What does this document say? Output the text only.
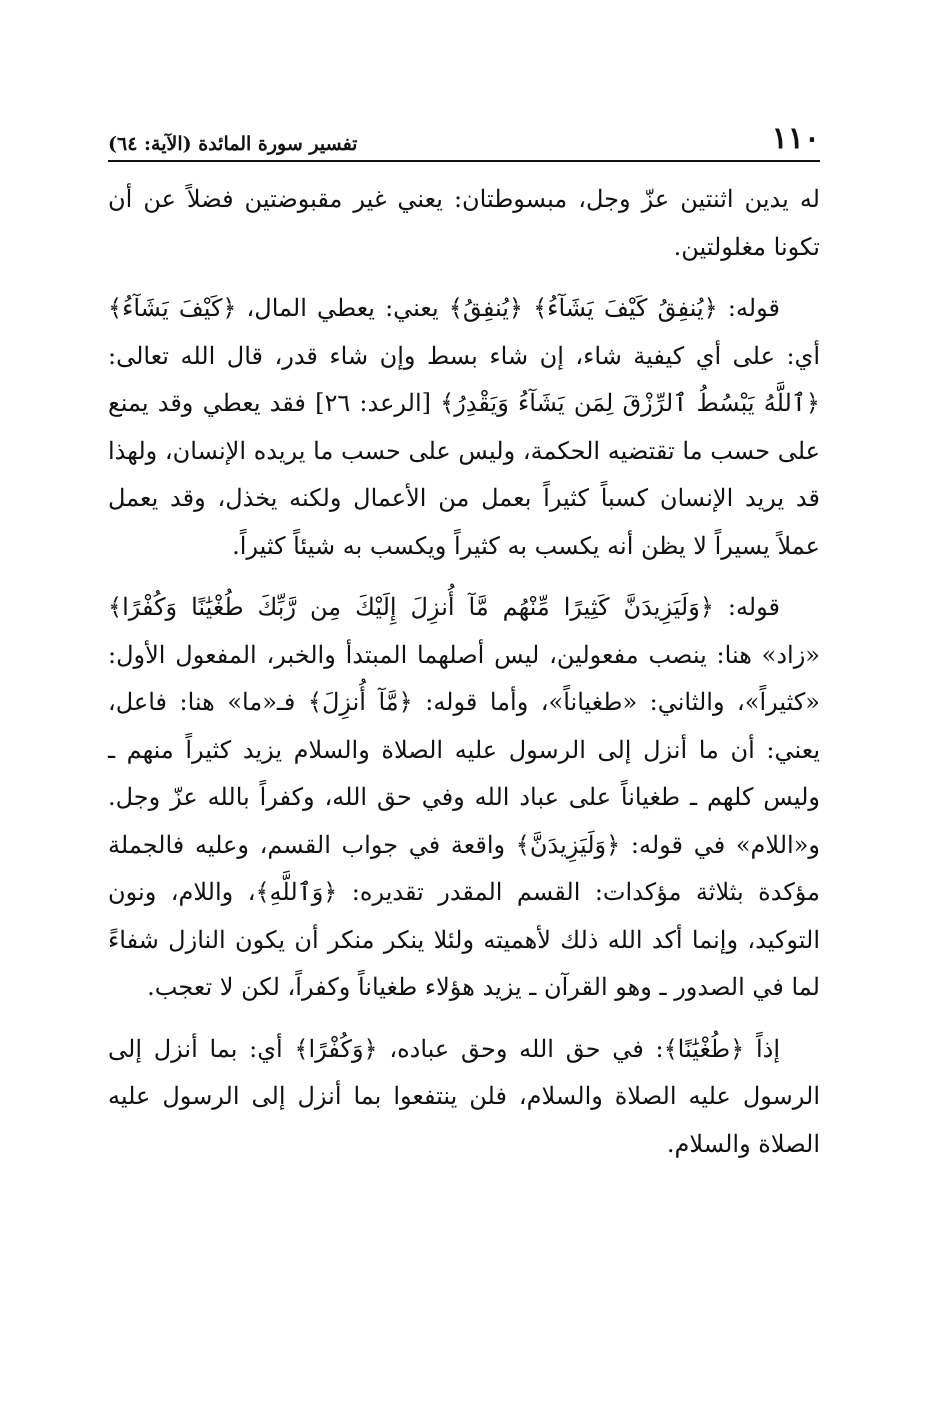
١١٠
تفسير سورة المائدة (الآية: ٦٤)

له يدين اثنتين عزّ وجل، مبسوطتان: يعني غير مقبوضتين فضلاً عن أن تكونا مغلولتين.

قوله: ﴿يُنفِقُ كَيْفَ يَشَآءُ﴾ ﴿يُنفِقُ﴾ يعني: يعطي المال، ﴿كَيْفَ يَشَآءُ﴾ أي: على أي كيفية شاء، إن شاء بسط وإن شاء قدر، قال الله تعالى: ﴿ٱللَّهُ يَبْسُطُ ٱلرِّزْقَ لِمَن يَشَآءُ وَيَقْدِرُ﴾ [الرعد: ٢٦] فقد يعطي وقد يمنع على حسب ما تقتضيه الحكمة، وليس على حسب ما يريده الإنسان، ولهذا قد يريد الإنسان كسباً كثيراً بعمل من الأعمال ولكنه يخذل، وقد يعمل عملاً يسيراً لا يظن أنه يكسب به كثيراً ويكسب به شيئاً كثيراً.

قوله: ﴿وَلَيَزِيدَنَّ كَثِيرًا مِّنْهُم مَّآ أُنزِلَ إِلَيْكَ مِن رَّبِّكَ طُغْيَٰنًا وَكُفْرًا﴾ «زاد» هنا: ينصب مفعولين، ليس أصلهما المبتدأ والخبر، المفعول الأول: «كثيراً»، والثاني: «طغياناً»، وأما قوله: ﴿مَّآ أُنزِلَ﴾ فـ«ما» هنا: فاعل، يعني: أن ما أنزل إلى الرسول عليه الصلاة والسلام يزيد كثيراً منهم ـ وليس كلهم ـ طغياناً على عباد الله وفي حق الله، وكفراً بالله عزّ وجل. و«اللام» في قوله: ﴿وَلَيَزِيدَنَّ﴾ واقعة في جواب القسم، وعليه فالجملة مؤكدة بثلاثة مؤكدات: القسم المقدر تقديره: ﴿وَٱللَّهِ﴾، واللام، ونون التوكيد، وإنما أكد الله ذلك لأهميته ولئلا ينكر منكر أن يكون النازل شفاءً لما في الصدور ـ وهو القرآن ـ يزيد هؤلاء طغياناً وكفراً، لكن لا تعجب.

إذاً ﴿طُغْيَٰنًا﴾: في حق الله وحق عباده، ﴿وَكُفْرًا﴾ أي: بما أنزل إلى الرسول عليه الصلاة والسلام، فلن ينتفعوا بما أنزل إلى الرسول عليه الصلاة والسلام.
